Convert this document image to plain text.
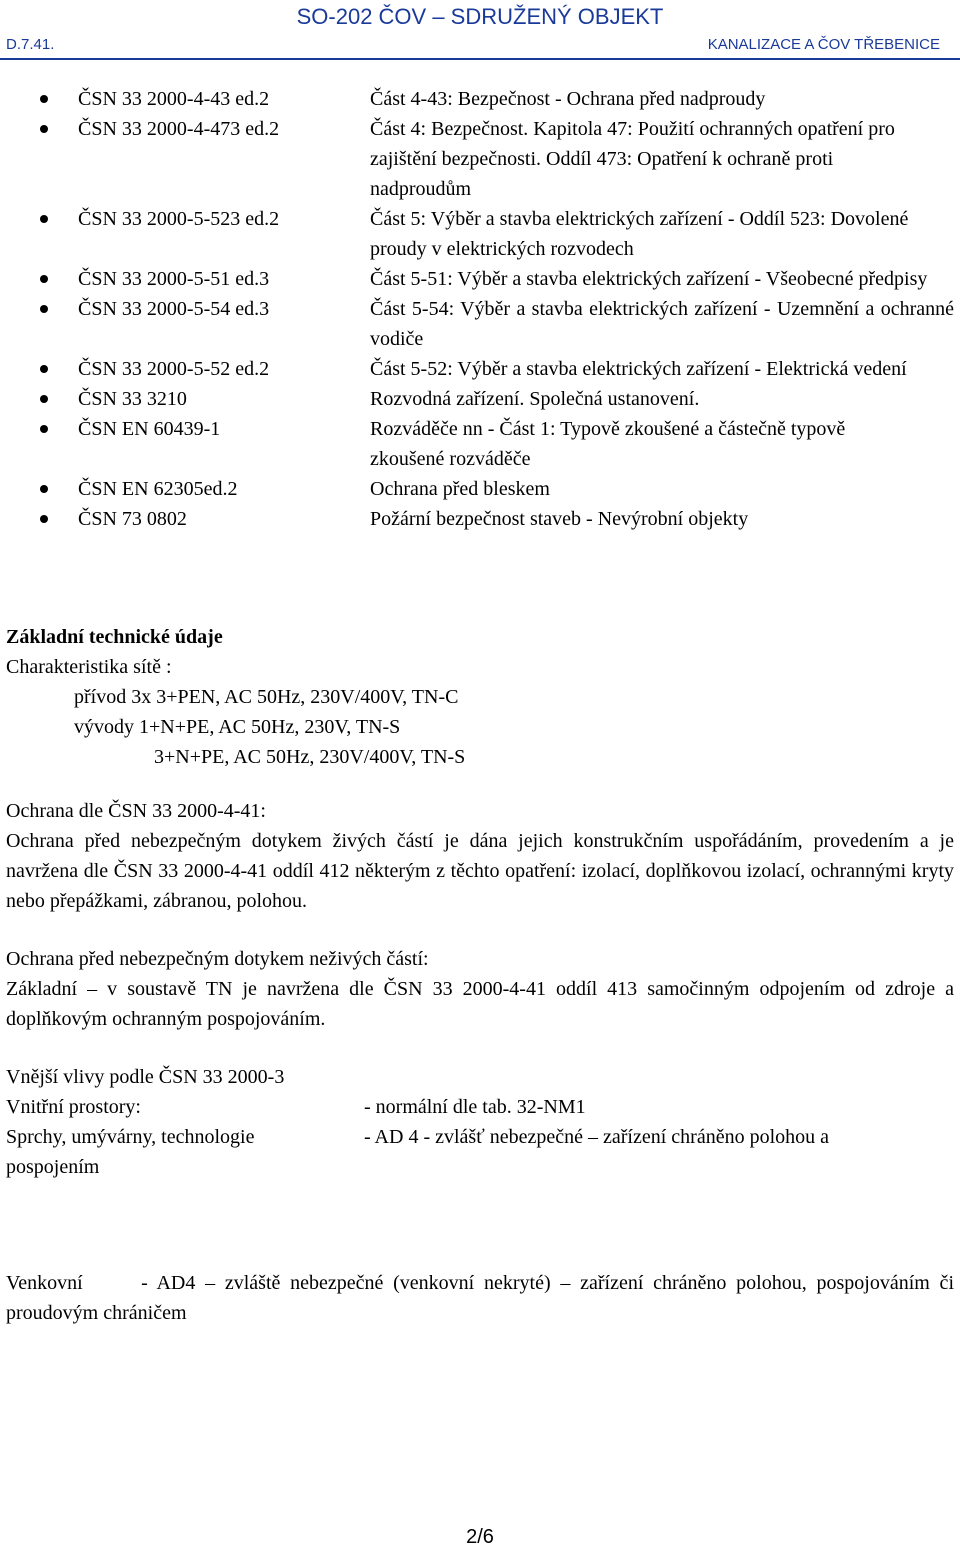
SO-202 ČOV – SDRUŽENÝ OBJEKT
D.7.41.	KANALIZACE A ČOV TŘEBENICE
ČSN 33 2000-4-43 ed.2	Část 4-43: Bezpečnost - Ochrana před nadproudy
ČSN 33 2000-4-473 ed.2	Část 4: Bezpečnost. Kapitola 47: Použití ochranných opatření pro zajištění bezpečnosti. Oddíl 473: Opatření k ochraně proti nadproudům
ČSN 33 2000-5-523 ed.2	Část 5: Výběr a stavba elektrických zařízení - Oddíl 523: Dovolené proudy v elektrických rozvodech
ČSN 33 2000-5-51 ed.3	Část 5-51: Výběr a stavba elektrických zařízení - Všeobecné předpisy
ČSN 33 2000-5-54 ed.3	Část 5-54: Výběr a stavba elektrických zařízení - Uzemnění a ochranné vodiče
ČSN 33 2000-5-52 ed.2	Část 5-52: Výběr a stavba elektrických zařízení - Elektrická vedení
ČSN 33 3210	Rozvodná zařízení. Společná ustanovení.
ČSN EN 60439-1	Rozváděče nn - Část 1: Typově zkoušené a částečně typově zkoušené rozváděče
ČSN EN 62305ed.2	Ochrana před bleskem
ČSN 73 0802	Požární bezpečnost staveb - Nevýrobní objekty
Základní technické údaje
Charakteristika sítě :
přívod 3x 3+PEN, AC 50Hz, 230V/400V, TN-C
vývody 1+N+PE, AC 50Hz, 230V, TN-S
3+N+PE, AC 50Hz, 230V/400V, TN-S
Ochrana dle ČSN 33 2000-4-41:
Ochrana před nebezpečným dotykem živých částí je dána jejich konstrukčním uspořádáním, provedením a je navržena dle ČSN 33 2000-4-41 oddíl 412 některým z těchto opatření: izolací, doplňkovou izolací, ochrannými kryty nebo přepážkami, zábranou, polohou.
Ochrana před nebezpečným dotykem neživých částí:
Základní – v soustavě TN je navržena dle ČSN 33 2000-4-41 oddíl 413 samočinným odpojením od zdroje a doplňkovým ochranným pospojováním.
Vnější vlivy podle ČSN 33 2000-3
Vnitřní prostory:	- normální dle tab. 32-NM1
Sprchy, umývárny, technologie	- AD 4 - zvlášť nebezpečné – zařízení chráněno polohou a
pospojením

Venkovní      - AD4 – zvláště nebezpečné (venkovní nekryté) – zařízení chráněno polohou, pospojováním či proudovým chráničem

2/6
